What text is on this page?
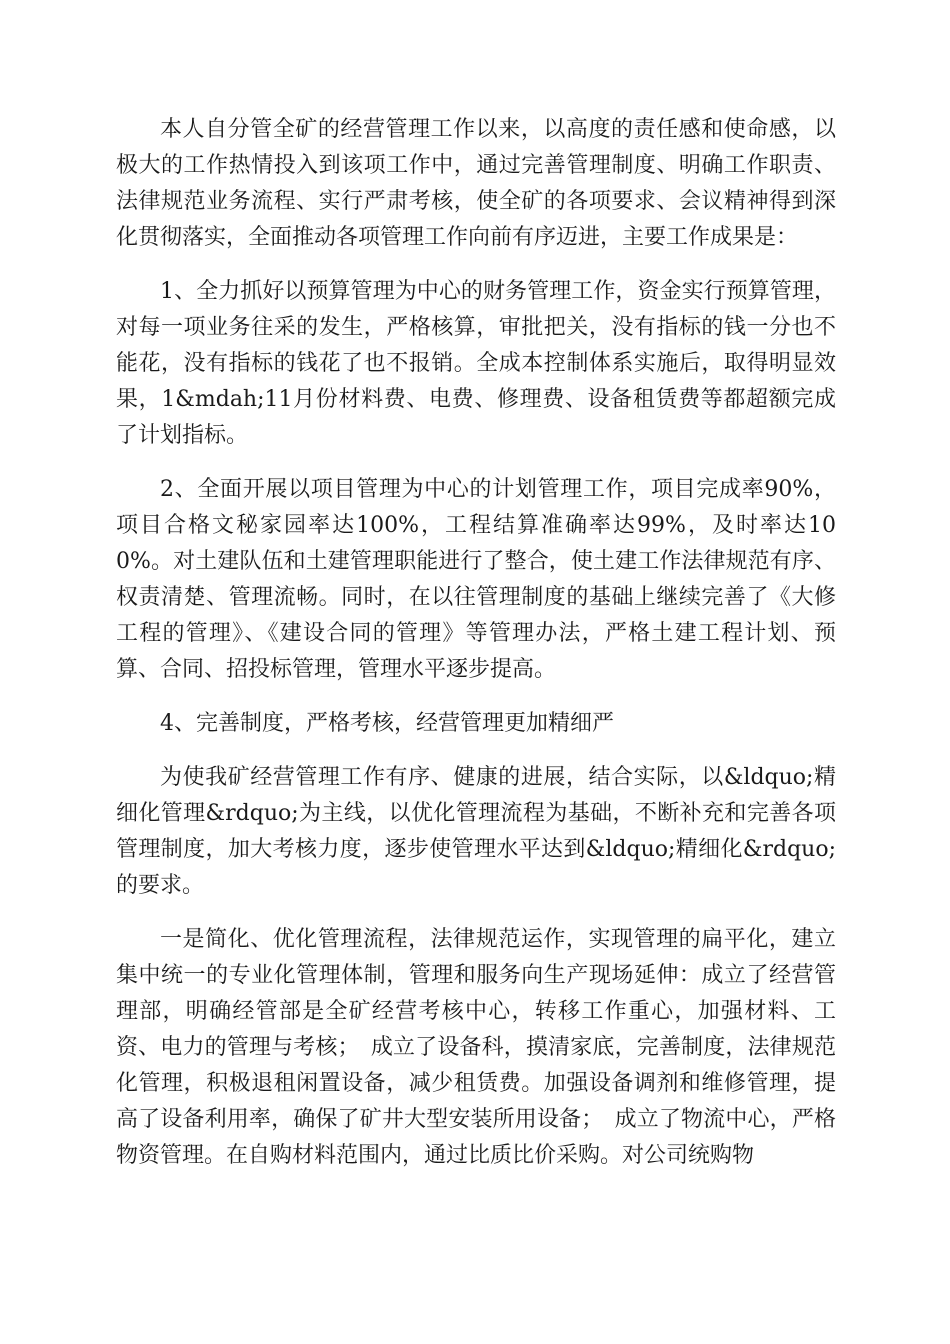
本人自分管全矿的经营管理工作以来，以高度的责任感和使命感，以极大的工作热情投入到该项工作中，通过完善管理制度、明确工作职责、法律规范业务流程、实行严肃考核，使全矿的各项要求、会议精神得到深化贯彻落实，全面推动各项管理工作向前有序迈进，主要工作成果是：

1、全力抓好以预算管理为中心的财务管理工作，资金实行预算管理，对每一项业务往采的发生，严格核算，审批把关，没有指标的钱一分也不能花，没有指标的钱花了也不报销。全成本控制体系实施后，取得明显效果，1&mdah;11月份材料费、电费、修理费、设备租赁费等都超额完成了计划指标。

2、全面开展以项目管理为中心的计划管理工作，项目完成率90%，项目合格文秘家园率达100%，工程结算准确率达99%，及时率达100%。对土建队伍和土建管理职能进行了整合，使土建工作法律规范有序、权责清楚、管理流畅。同时，在以往管理制度的基础上继续完善了《大修工程的管理》、《建设合同的管理》等管理办法，严格土建工程计划、预算、合同、招投标管理，管理水平逐步提高。

4、完善制度，严格考核，经营管理更加精细严

为使我矿经营管理工作有序、健康的进展，结合实际，以&ldquo;精细化管理&rdquo;为主线，以优化管理流程为基础，不断补充和完善各项管理制度，加大考核力度，逐步使管理水平达到&ldquo;精细化&rdquo;的要求。

一是简化、优化管理流程，法律规范运作，实现管理的扁平化，建立集中统一的专业化管理体制，管理和服务向生产现场延伸：成立了经营管理部，明确经管部是全矿经营考核中心，转移工作重心，加强材料、工资、电力的管理与考核；　成立了设备科，摸清家底，完善制度，法律规范化管理，积极退租闲置设备，减少租赁费。加强设备调剂和维修管理，提高了设备利用率，确保了矿井大型安装所用设备；　成立了物流中心，严格物资管理。在自购材料范围内，通过比质比价采购。对公司统购物
